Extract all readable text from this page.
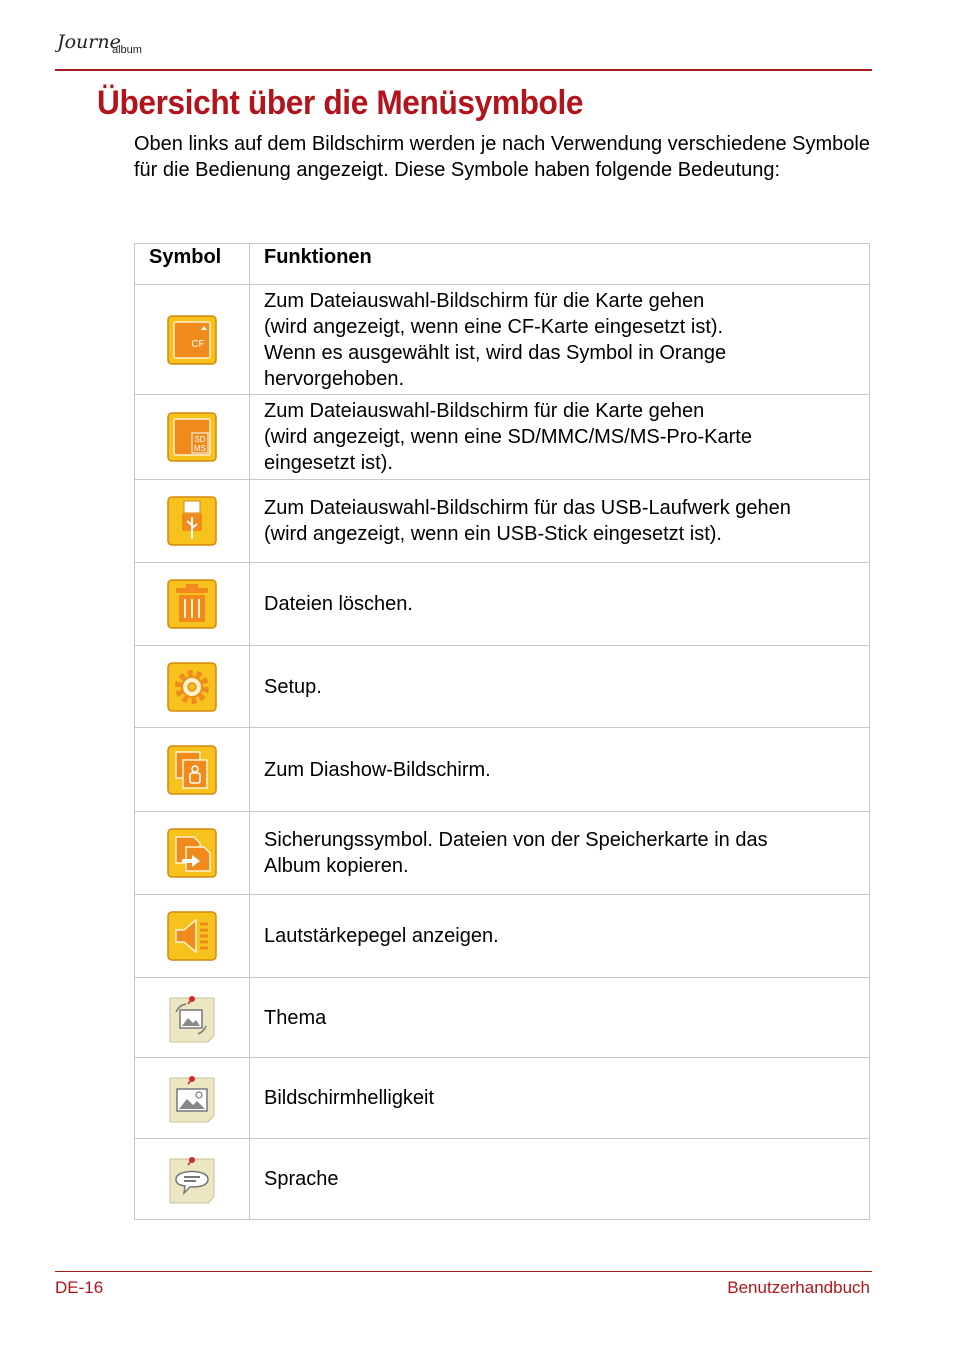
Journe
album
Übersicht über die Menüsymbole

Oben links auf dem Bildschirm werden je nach Verwendung verschiedene Symbole für die Bedienung angezeigt. Diese Symbole haben folgende Bedeutung:

Symbol	Funktionen

CF	Zum Dateiauswahl-Bildschirm für die Karte gehen
(wird angezeigt, wenn eine CF-Karte eingesetzt ist).
Wenn es ausgewählt ist, wird das Symbol in Orange
hervorgehoben.

SD
MS	Zum Dateiauswahl-Bildschirm für die Karte gehen
(wird angezeigt, wenn eine SD/MMC/MS/MS-Pro-Karte
eingesetzt ist).

	Zum Dateiauswahl-Bildschirm für das USB-Laufwerk gehen
(wird angezeigt, wenn ein USB-Stick eingesetzt ist).

	Dateien löschen.

	Setup.

	Zum Diashow-Bildschirm.

	Sicherungssymbol. Dateien von der Speicherkarte in das
Album kopieren.

	Lautstärkepegel anzeigen.

	Thema

	Bildschirmhelligkeit

	Sprache
DE-16	Benutzerhandbuch
